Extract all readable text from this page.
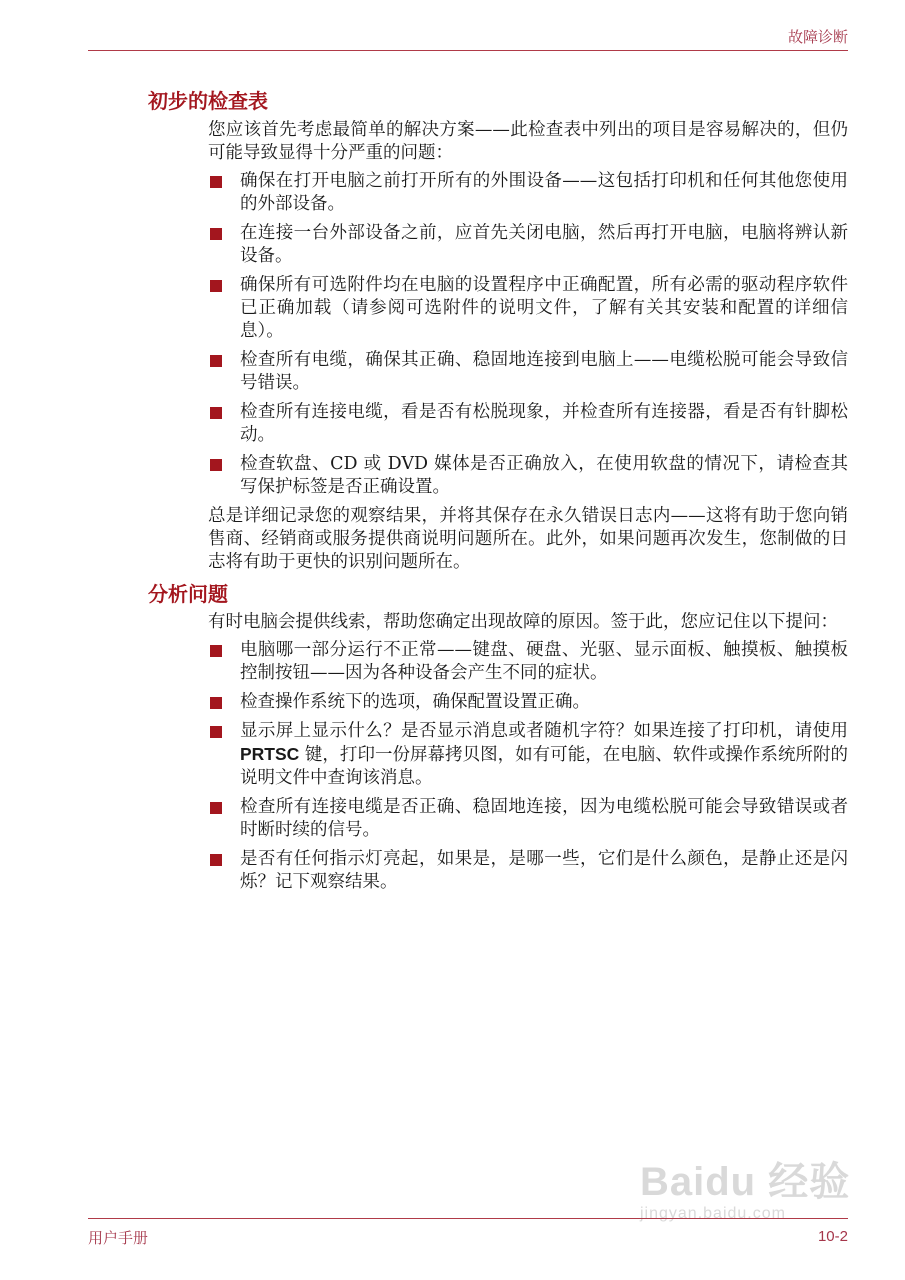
故障诊断
初步的检查表

您应该首先考虑最简单的解决方案——此检查表中列出的项目是容易解决的，但仍可能导致显得十分严重的问题：

确保在打开电脑之前打开所有的外围设备——这包括打印机和任何其他您使用的外部设备。
在连接一台外部设备之前，应首先关闭电脑，然后再打开电脑，电脑将辨认新设备。
确保所有可选附件均在电脑的设置程序中正确配置，所有必需的驱动程序软件已正确加载（请参阅可选附件的说明文件，了解有关其安装和配置的详细信息）。
检查所有电缆，确保其正确、稳固地连接到电脑上——电缆松脱可能会导致信号错误。
检查所有连接电缆，看是否有松脱现象，并检查所有连接器，看是否有针脚松动。
检查软盘、CD 或 DVD 媒体是否正确放入，在使用软盘的情况下，请检查其写保护标签是否正确设置。

总是详细记录您的观察结果，并将其保存在永久错误日志内——这将有助于您向销售商、经销商或服务提供商说明问题所在。此外，如果问题再次发生，您制做的日志将有助于更快的识别问题所在。

分析问题

有时电脑会提供线索，帮助您确定出现故障的原因。签于此，您应记住以下提问：

电脑哪一部分运行不正常——键盘、硬盘、光驱、显示面板、触摸板、触摸板控制按钮——因为各种设备会产生不同的症状。
检查操作系统下的选项，确保配置设置正确。
显示屏上显示什么？是否显示消息或者随机字符？如果连接了打印机，请使用 PRTSC 键，打印一份屏幕拷贝图，如有可能，在电脑、软件或操作系统所附的说明文件中查询该消息。
检查所有连接电缆是否正确、稳固地连接，因为电缆松脱可能会导致错误或者时断时续的信号。
是否有任何指示灯亮起，如果是，是哪一些，它们是什么颜色，是静止还是闪烁？记下观察结果。
Baidu 经验
jingyan.baidu.com
用户手册	10-2
